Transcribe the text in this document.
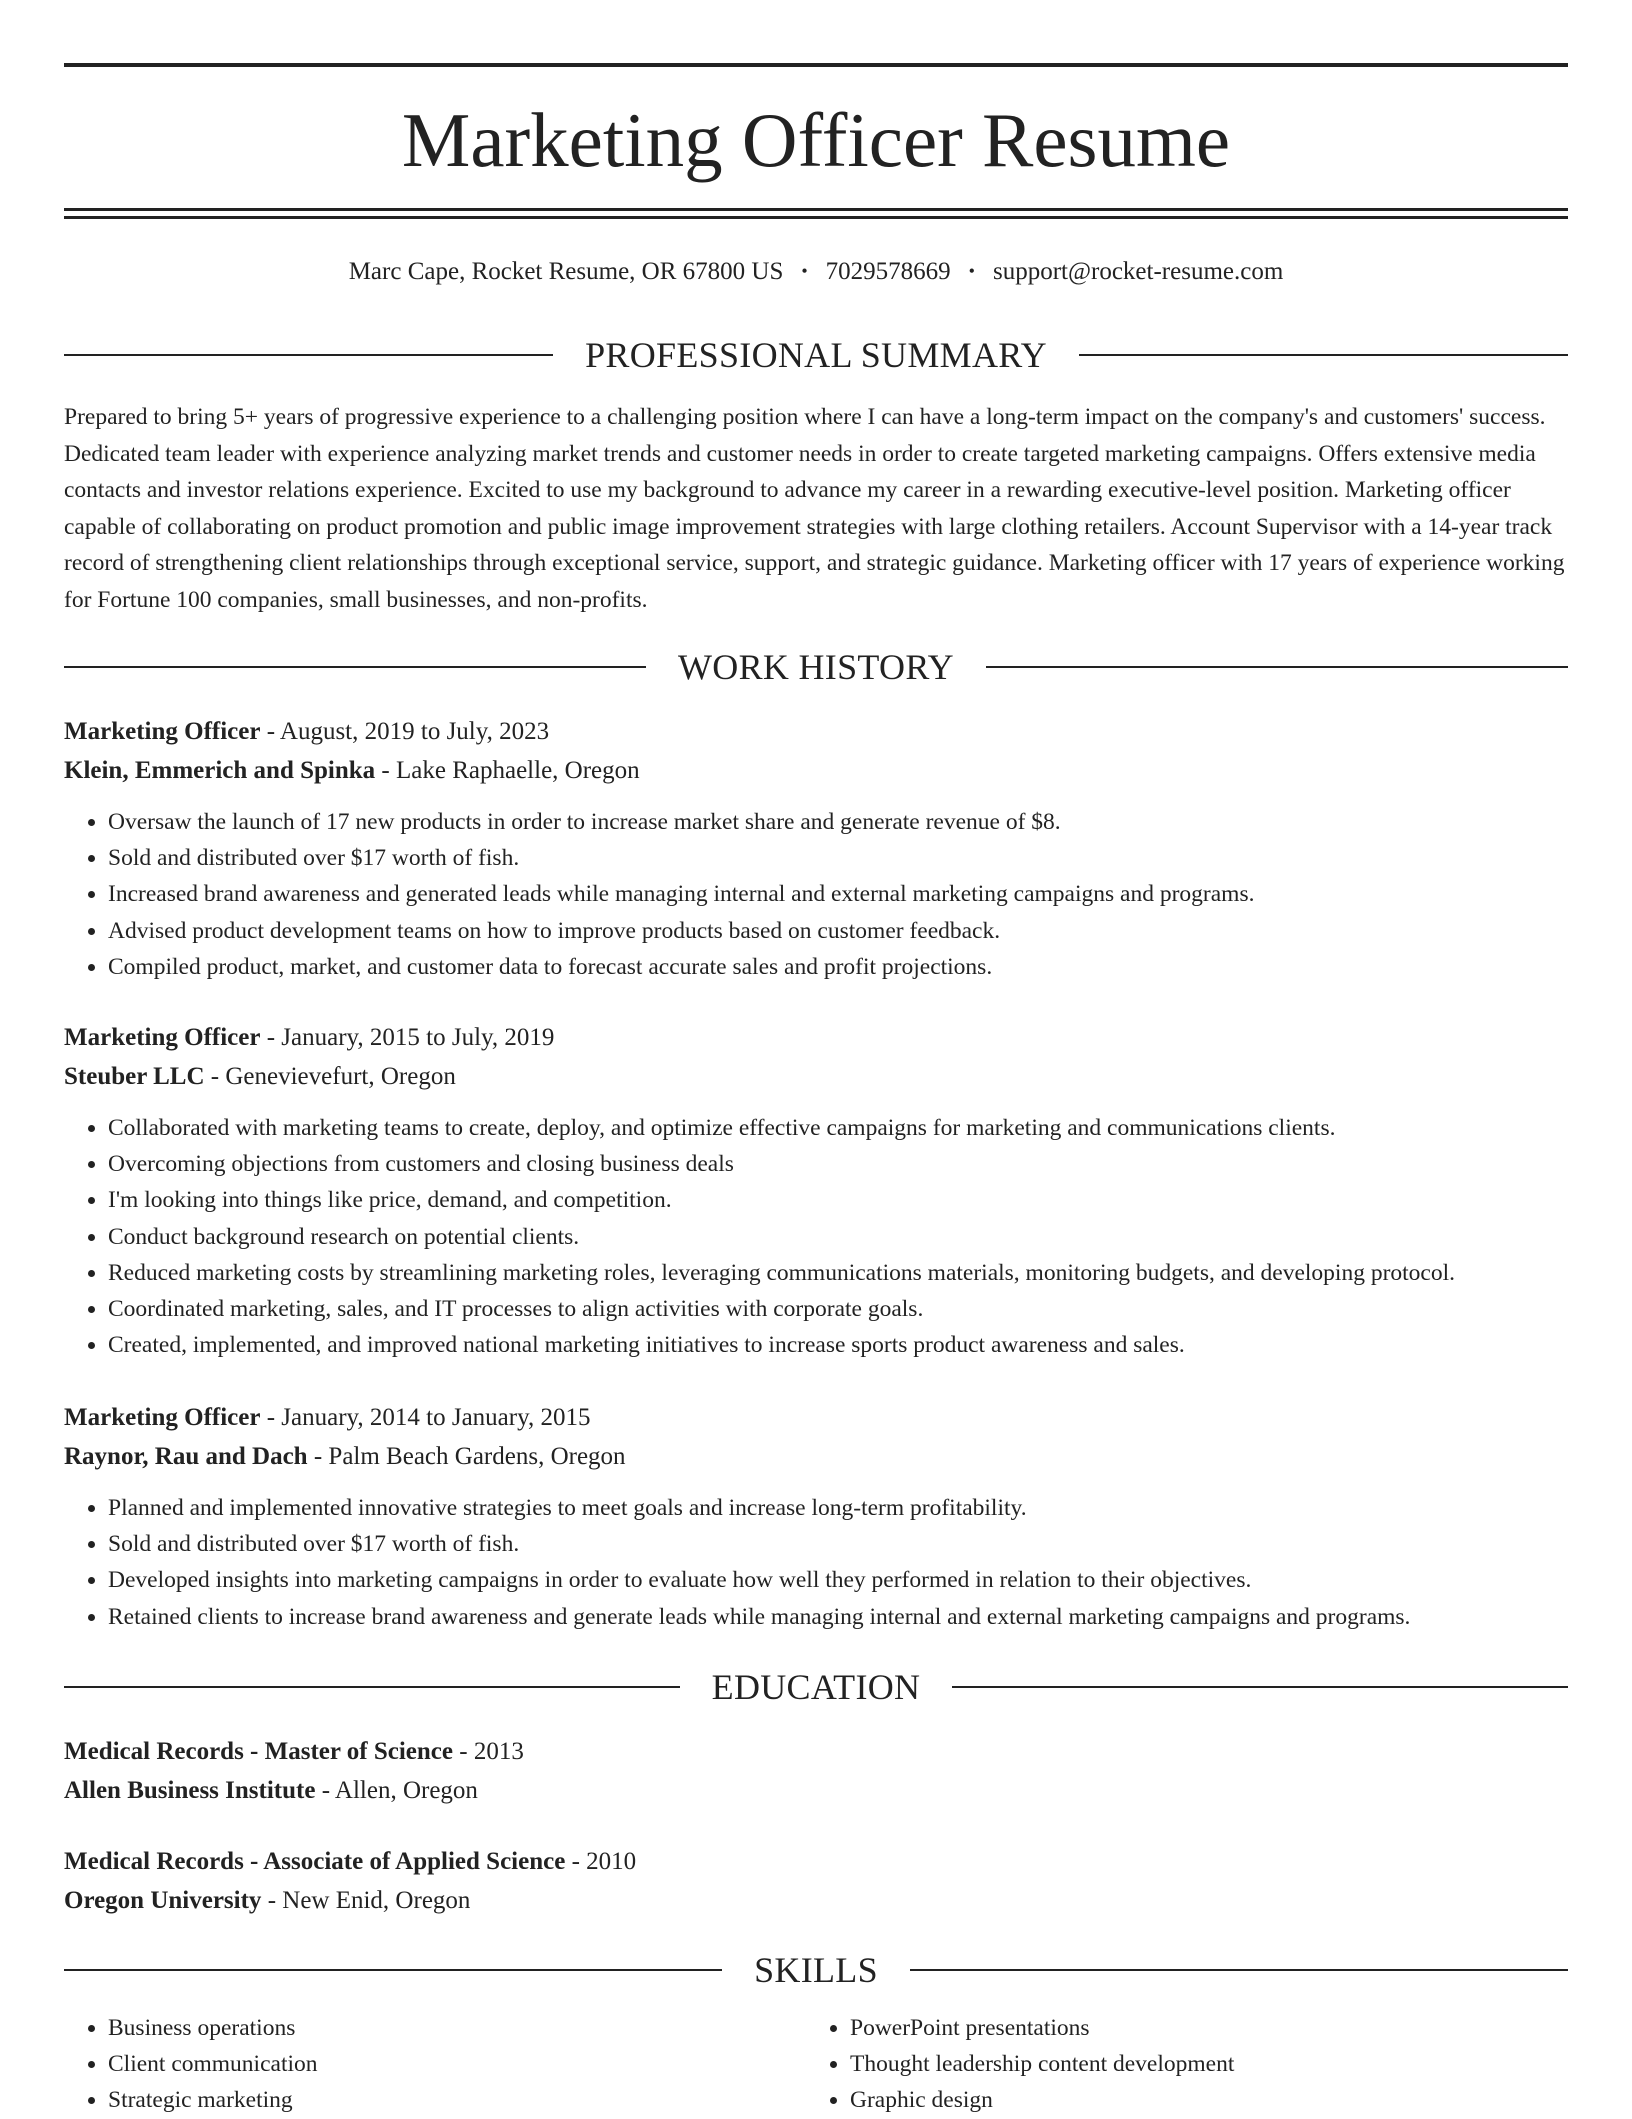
Marketing Officer Resume
Marc Cape, Rocket Resume, OR 67800 US • 7029578669 • support@rocket-resume.com
PROFESSIONAL SUMMARY
Prepared to bring 5+ years of progressive experience to a challenging position where I can have a long-term impact on the company's and customers' success. Dedicated team leader with experience analyzing market trends and customer needs in order to create targeted marketing campaigns. Offers extensive media contacts and investor relations experience. Excited to use my background to advance my career in a rewarding executive-level position. Marketing officer capable of collaborating on product promotion and public image improvement strategies with large clothing retailers. Account Supervisor with a 14-year track record of strengthening client relationships through exceptional service, support, and strategic guidance. Marketing officer with 17 years of experience working for Fortune 100 companies, small businesses, and non-profits.
WORK HISTORY
Marketing Officer - August, 2019 to July, 2023
Klein, Emmerich and Spinka - Lake Raphaelle, Oregon
• Oversaw the launch of 17 new products in order to increase market share and generate revenue of $8.
• Sold and distributed over $17 worth of fish.
• Increased brand awareness and generated leads while managing internal and external marketing campaigns and programs.
• Advised product development teams on how to improve products based on customer feedback.
• Compiled product, market, and customer data to forecast accurate sales and profit projections.
Marketing Officer - January, 2015 to July, 2019
Steuber LLC - Genevievefurt, Oregon
• Collaborated with marketing teams to create, deploy, and optimize effective campaigns for marketing and communications clients.
• Overcoming objections from customers and closing business deals
• I'm looking into things like price, demand, and competition.
• Conduct background research on potential clients.
• Reduced marketing costs by streamlining marketing roles, leveraging communications materials, monitoring budgets, and developing protocol.
• Coordinated marketing, sales, and IT processes to align activities with corporate goals.
• Created, implemented, and improved national marketing initiatives to increase sports product awareness and sales.
Marketing Officer - January, 2014 to January, 2015
Raynor, Rau and Dach - Palm Beach Gardens, Oregon
• Planned and implemented innovative strategies to meet goals and increase long-term profitability.
• Sold and distributed over $17 worth of fish.
• Developed insights into marketing campaigns in order to evaluate how well they performed in relation to their objectives.
• Retained clients to increase brand awareness and generate leads while managing internal and external marketing campaigns and programs.
EDUCATION
Medical Records - Master of Science - 2013
Allen Business Institute - Allen, Oregon
Medical Records - Associate of Applied Science - 2010
Oregon University - New Enid, Oregon
SKILLS
• Business operations
• Client communication
• Strategic marketing
• PowerPoint presentations
• Thought leadership content development
• Graphic design
